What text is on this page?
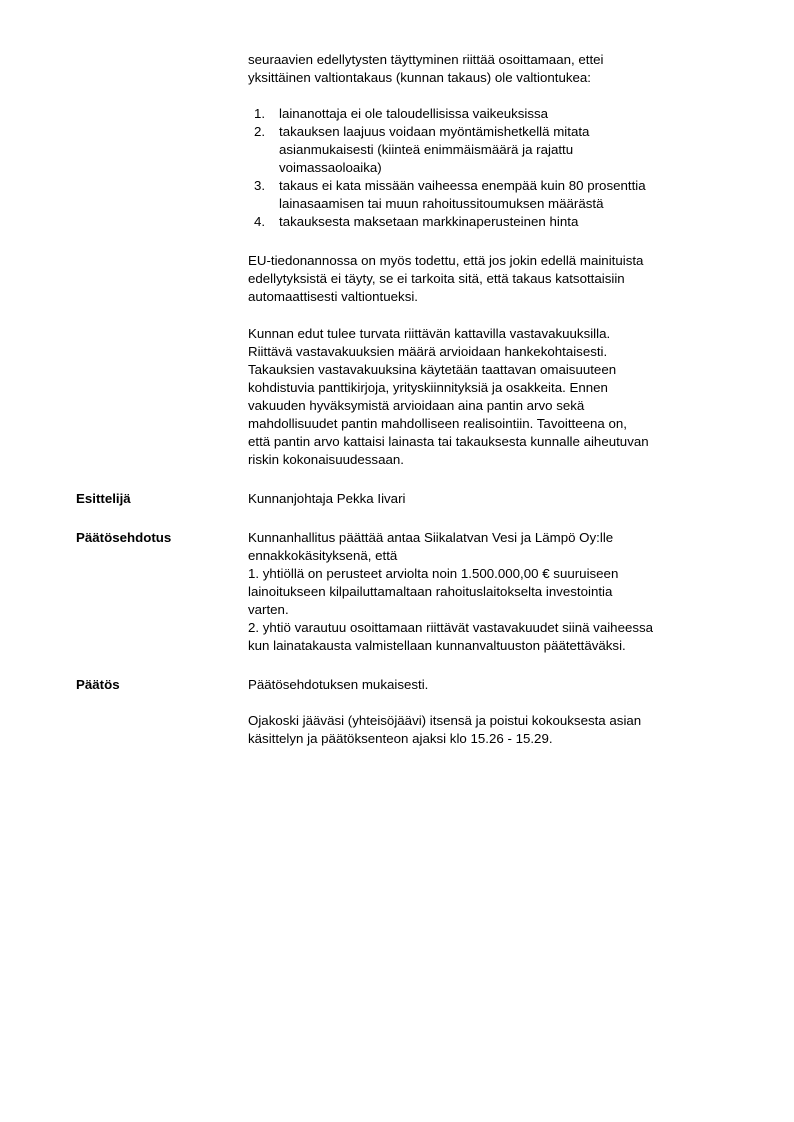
seuraavien edellytysten täyttyminen riittää osoittamaan, ettei
yksittäinen valtiontakaus (kunnan takaus) ole valtiontukea:
1. lainanottaja ei ole taloudellisissa vaikeuksissa
2. takauksen laajuus voidaan myöntämishetkellä mitata
asianmukaisesti (kiinteä enimmäismäärä ja rajattu
voimassaoloaika)
3. takaus ei kata missään vaiheessa enempää kuin 80 prosenttia
lainasaamisen tai muun rahoitussitoumuksen määrästä
4. takauksesta maksetaan markkinaperusteinen hinta
EU-tiedonannossa on myös todettu, että jos jokin edellä mainituista
edellytyksistä ei täyty, se ei tarkoita sitä, että takaus katsottaisiin
automaattisesti valtiontueksi.
Kunnan edut tulee turvata riittävän kattavilla vastavakuuksilla.
Riittävä vastavakuuksien määrä arvioidaan hankekohtaisesti.
Takauksien vastavakuuksina käytetään taattavan omaisuuteen
kohdistuvia panttikirjoja, yrityskiinnityksiä ja osakkeita. Ennen
vakuuden hyväksymistä arvioidaan aina pantin arvo sekä
mahdollisuudet pantin mahdolliseen realisointiin. Tavoitteena on,
että pantin arvo kattaisi lainasta tai takauksesta kunnalle aiheutuvan
riskin kokonaisuudessaan.
Esittelijä	Kunnanjohtaja Pekka Iivari
Päätösehdotus	Kunnanhallitus päättää antaa Siikalatvan Vesi ja Lämpö Oy:lle
ennakkokäsityksenä, että
1. yhtiöllä on perusteet arviolta noin 1.500.000,00 € suuruiseen
lainoitukseen kilpailuttamaltaan rahoituslaitokselta investointia
varten.
2. yhtiö varautuu osoittamaan riittävät vastavakuudet siinä vaiheessa
kun lainatakausta valmistellaan kunnanvaltuuston päätettäväksi.
Päätös	Päätösehdotuksen mukaisesti.
Ojakoski jääväsi (yhteisöjäävi) itsensä ja poistui kokouksesta asian
käsittelyn ja päätöksenteon ajaksi klo 15.26 - 15.29.
